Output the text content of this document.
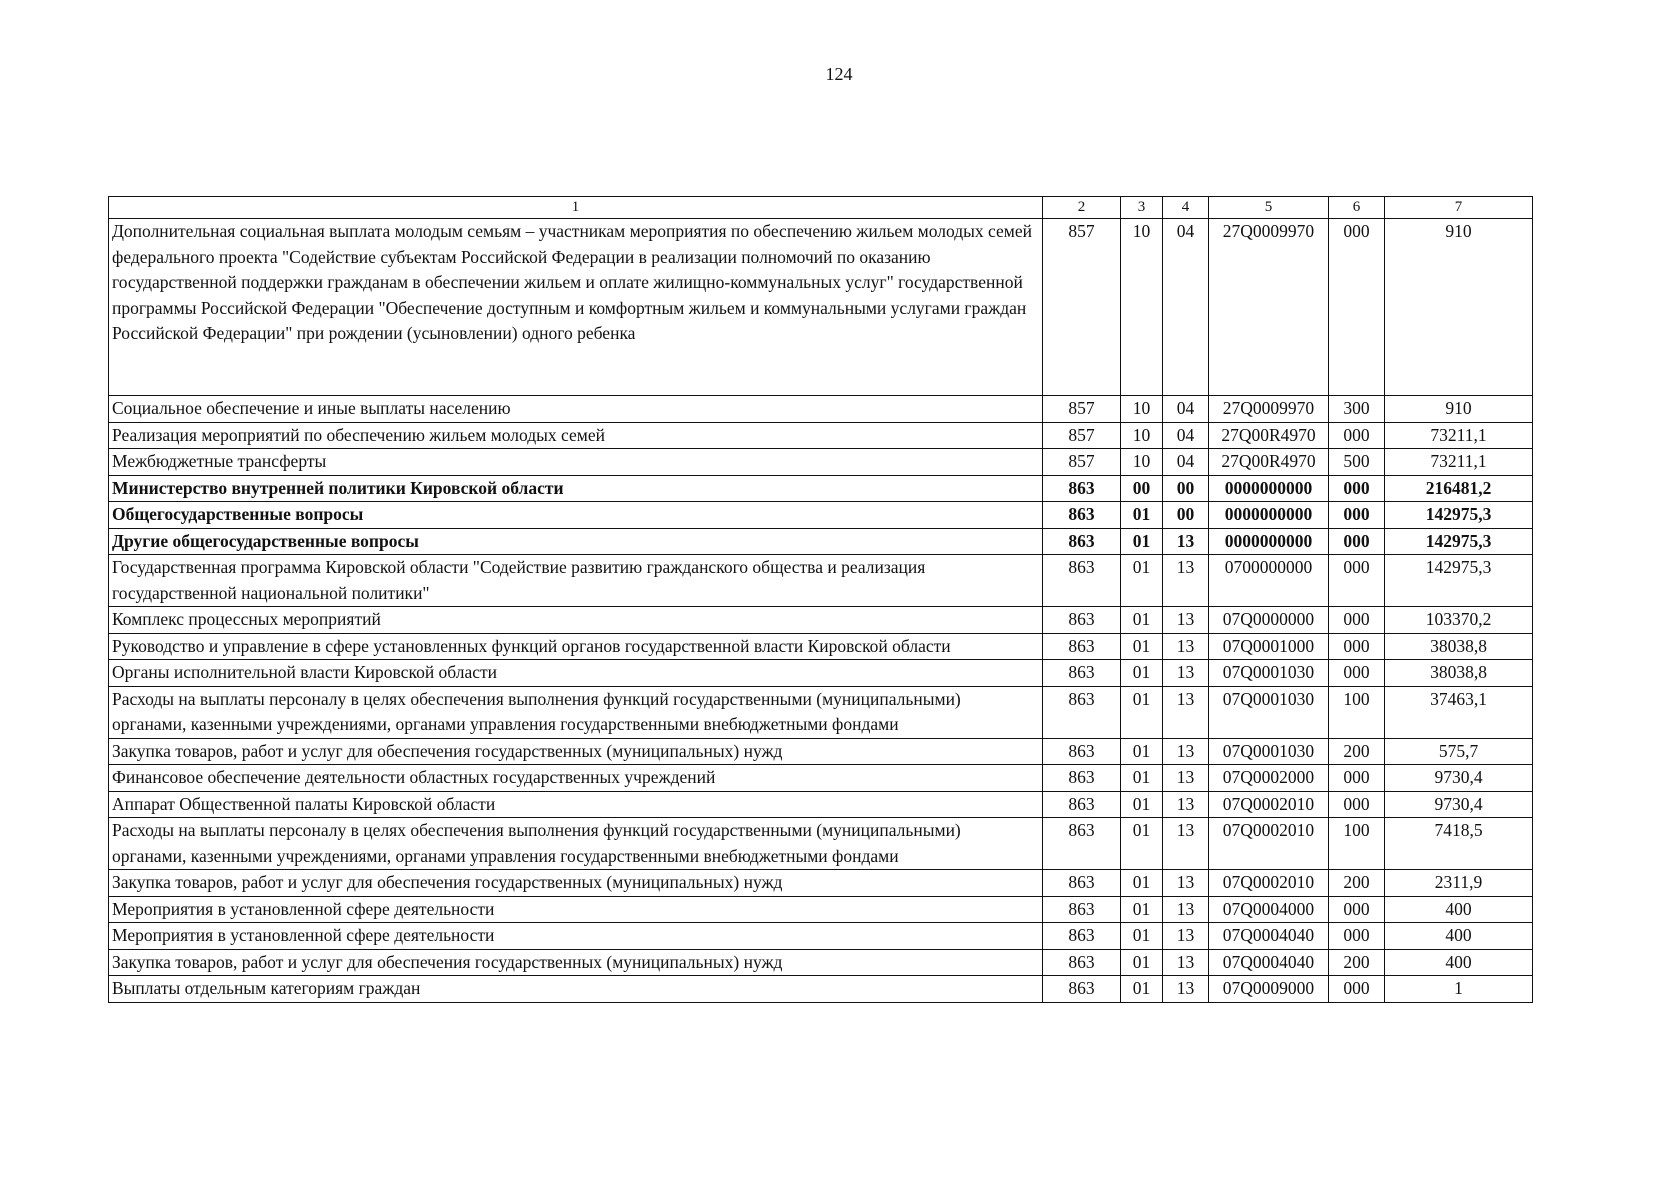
124
1	2	3	4	5	6	7
Дополнительная социальная выплата молодым семьям – участникам мероприятия по обеспечению жильем молодых семей федерального проекта "Содействие субъектам Российской Федерации в реализации полномочий по оказанию государственной поддержки гражданам в обеспечении жильем и оплате жилищно-коммунальных услуг" государственной программы Российской Федерации "Обеспечение доступным и комфортным жильем и коммунальными услугами граждан Российской Федерации" при рождении (усыновлении) одного ребенка	857	10	04	27Q0009970	000	910
Социальное обеспечение и иные выплаты населению	857	10	04	27Q0009970	300	910
Реализация мероприятий по обеспечению жильем молодых семей	857	10	04	27Q00R4970	000	73211,1
Межбюджетные трансферты	857	10	04	27Q00R4970	500	73211,1
Министерство внутренней политики Кировской области	863	00	00	0000000000	000	216481,2
Общегосударственные вопросы	863	01	00	0000000000	000	142975,3
Другие общегосударственные вопросы	863	01	13	0000000000	000	142975,3
Государственная программа Кировской области "Содействие развитию гражданского общества и реализация государственной национальной политики"	863	01	13	0700000000	000	142975,3
Комплекс процессных мероприятий	863	01	13	07Q0000000	000	103370,2
Руководство и управление в сфере установленных функций органов государственной власти Кировской области	863	01	13	07Q0001000	000	38038,8
Органы исполнительной власти Кировской области	863	01	13	07Q0001030	000	38038,8
Расходы на выплаты персоналу в целях обеспечения выполнения функций государственными (муниципальными) органами, казенными учреждениями, органами управления государственными внебюджетными фондами	863	01	13	07Q0001030	100	37463,1
Закупка товаров, работ и услуг для обеспечения государственных (муниципальных) нужд	863	01	13	07Q0001030	200	575,7
Финансовое обеспечение деятельности областных государственных учреждений	863	01	13	07Q0002000	000	9730,4
Аппарат Общественной палаты Кировской области	863	01	13	07Q0002010	000	9730,4
Расходы на выплаты персоналу в целях обеспечения выполнения функций государственными (муниципальными) органами, казенными учреждениями, органами управления государственными внебюджетными фондами	863	01	13	07Q0002010	100	7418,5
Закупка товаров, работ и услуг для обеспечения государственных (муниципальных) нужд	863	01	13	07Q0002010	200	2311,9
Мероприятия в установленной сфере деятельности	863	01	13	07Q0004000	000	400
Мероприятия в установленной сфере деятельности	863	01	13	07Q0004040	000	400
Закупка товаров, работ и услуг для обеспечения государственных (муниципальных) нужд	863	01	13	07Q0004040	200	400
Выплаты отдельным категориям граждан	863	01	13	07Q0009000	000	1
